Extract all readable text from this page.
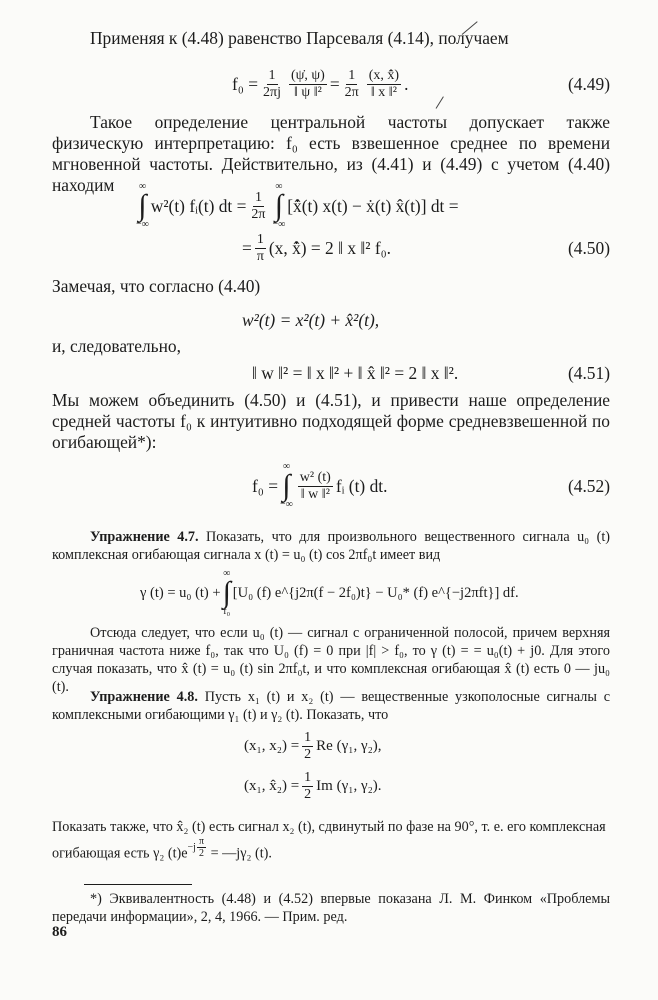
Применяя к (4.48) равенство Парсеваля (4.14), получаем
$f_0 = \frac{1}{2\pi j} \frac{(\psi̇, \psi)}{\text{‖ ψ ‖²}} = \frac{1}{2\pi} \frac{(x, x̂̇)}{\text{‖ x ‖²}}$ .	(4.49)
Такое определение центральной частоты допускает также физическую интерпретацию: f₀ есть взвешенное среднее по времени мгновенной частоты. Действительно, из (4.41) и (4.49) с учетом (4.40) находим	∞
∫
−∞
w²(t) fᵢ(t) dt = $\frac{1}{2\pi}$
∞
∫
−∞
[x̂̇(t) x(t) − ẋ(t) x̂(t)] dt =
= $\frac{1}{\pi} (x$, x̂̇) = 2 ‖ x ‖² f₀.	(4.50)
Замечая, что согласно (4.40)
w²(t) = x²(t) + x̂²(t),
и, следовательно,
‖ w ‖² = ‖ x ‖² + ‖ x̂ ‖² = 2 ‖ x ‖².	(4.51)
Мы можем объединить (4.50) и (4.51), и привести наше определение средней частоты f₀ к интуитивно подходящей форме средневзвешенной по огибающей*):
f₀ =
∞
∫
−∞
$\frac{\text{w² (t)}}{\text{‖ w ‖²}}$ fᵢ (t) dt.	(4.52)
Упражнение 4.7. Показать, что для произвольного вещественного сигнала u₀ (t) комплексная огибающая сигнала x (t) = u₀ (t) cos 2πf₀t имеет вид
γ (t) = u₀ (t) +
∞
∫
f₀
[U₀ (f) e^{j2π(f − 2f₀)t} − U₀* (f) e^{−j2πft}] df.
Отсюда следует, что если u₀ (t) — сигнал с ограниченной полосой, причем верхняя граничная частота ниже f₀, так что U₀ (f) = 0 при |f| > f₀, то γ (t) = = u₀(t) + j0. Для этого случая показать, что x̂ (t) = u₀ (t) sin 2πf₀t, и что комплексная огибающая x̂ (t) есть 0 — ju₀ (t).
Упражнение 4.8. Пусть x₁ (t) и x₂ (t) — вещественные узкополосные сигналы с комплексными огибающими γ₁ (t) и γ₂ (t). Показать, что
(x₁, $x_2) = \frac{1}{2}$ Re (γ₁, γ₂),
(x₁, x̂₂) = $\frac{1}{2}$ Im (γ₁, γ₂).
Показать также, что x̂₂ (t) есть сигнал x₂ (t), сдвинутый по фазе на 90°, т. е. его комплексная огибающая есть γ₂ (t)e $^{-j \frac{\pi}{2}}$ = —jγ₂ (t).
*) Эквивалентность (4.48) и (4.52) впервые показана Л. М. Финком «Проблемы передачи информации», 2, 4, 1966. — Прим. ред.
86
